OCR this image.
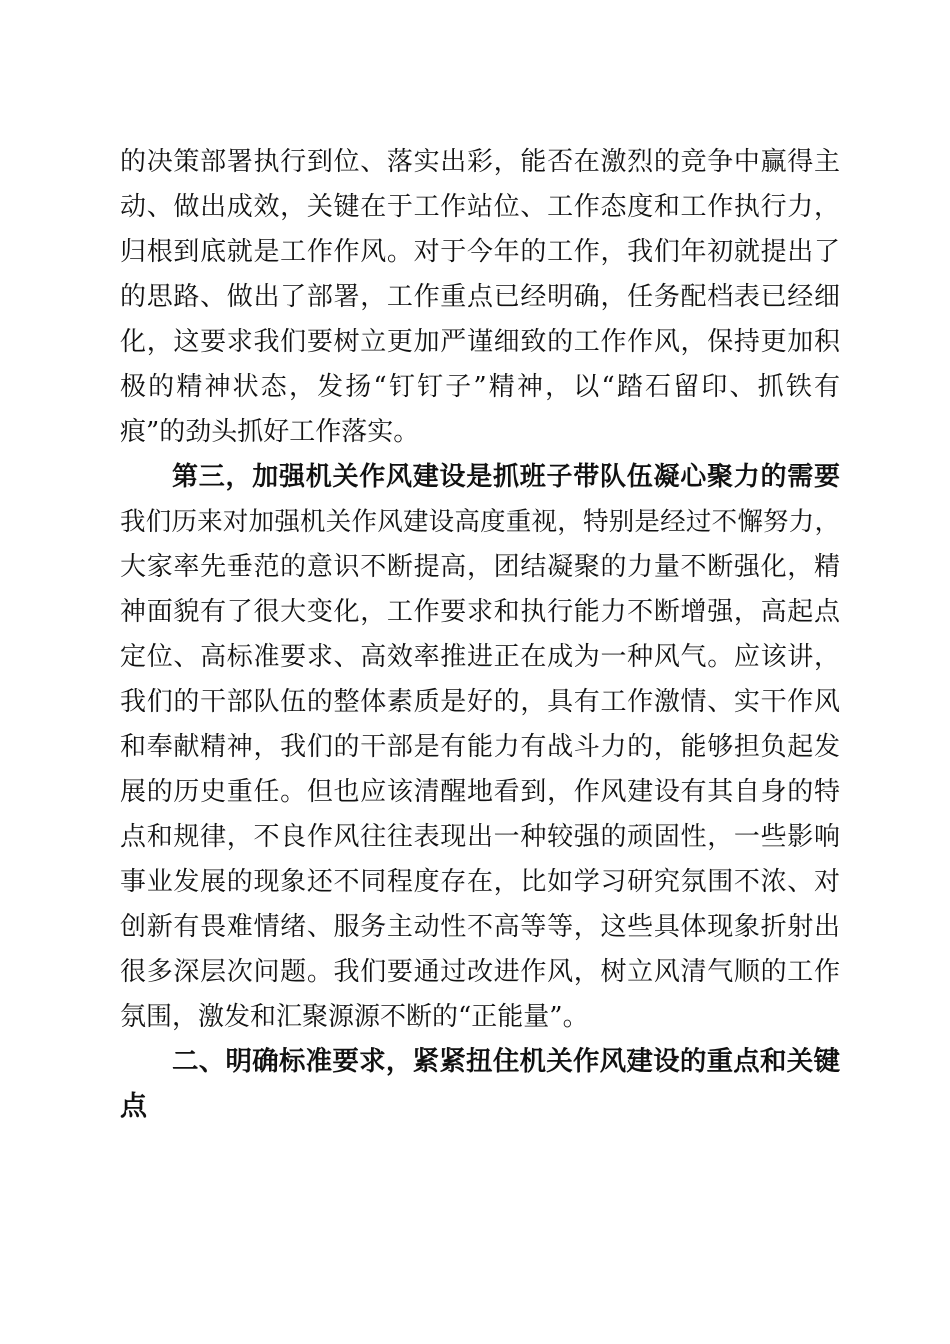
的决策部署执行到位、落实出彩，能否在激烈的竞争中赢得主
动、做出成效，关键在于工作站位、工作态度和工作执行力，
归根到底就是工作作风。对于今年的工作，我们年初就提出了
的思路、做出了部署，工作重点已经明确，任务配档表已经细
化，这要求我们要树立更加严谨细致的工作作风，保持更加积
极的精神状态，发扬“钉钉子”精神，以“踏石留印、抓铁有
痕”的劲头抓好工作落实。
第三，加强机关作风建设是抓班子带队伍凝心聚力的需要
我们历来对加强机关作风建设高度重视，特别是经过不懈努力，
大家率先垂范的意识不断提高，团结凝聚的力量不断强化，精
神面貌有了很大变化，工作要求和执行能力不断增强，高起点
定位、高标准要求、高效率推进正在成为一种风气。应该讲，
我们的干部队伍的整体素质是好的，具有工作激情、实干作风
和奉献精神，我们的干部是有能力有战斗力的，能够担负起发
展的历史重任。但也应该清醒地看到，作风建设有其自身的特
点和规律，不良作风往往表现出一种较强的顽固性，一些影响
事业发展的现象还不同程度存在，比如学习研究氛围不浓、对
创新有畏难情绪、服务主动性不高等等，这些具体现象折射出
很多深层次问题。我们要通过改进作风，树立风清气顺的工作
氛围，激发和汇聚源源不断的“正能量”。
二、明确标准要求，紧紧扭住机关作风建设的重点和关键
点
